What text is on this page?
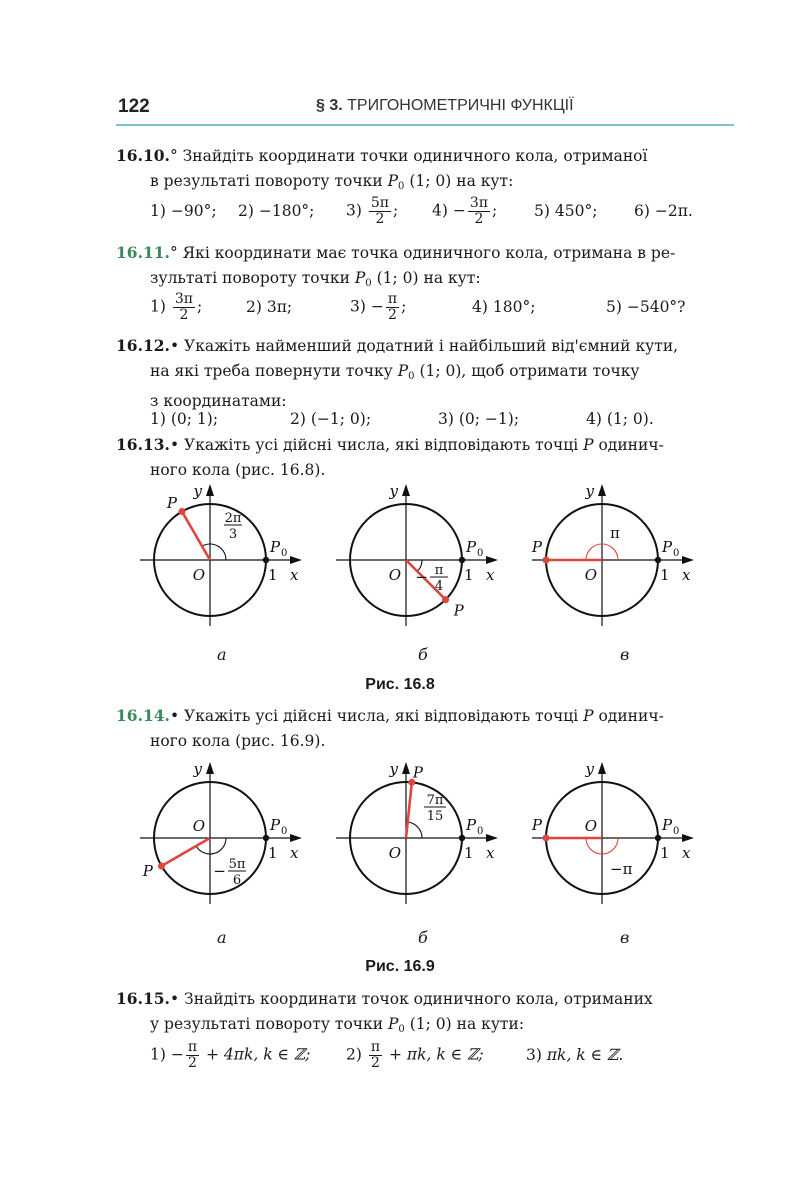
122	§ 3. ТРИГОНОМЕТРИЧНІ ФУНКЦІЇ
16.10.° Знайдіть координати точки одиничного кола, отриманої
в результаті повороту точки $P_0$ (1; 0) на кут:
1) −90°; 2) −180°; $3) \frac{5\pi}{2}$ ; $4) - \frac{3\pi}{2}$ ; 5) 450°; 6) −2π.
16.11.° Які координати має точка одиничного кола, отримана в ре-
зультаті повороту точки $P_0$ (1; 0) на кут:
$1) \frac{3\pi}{2}$ ;	2) 3π;	$3) - \frac{\pi}{2}$ ;	4) 180°;	5) −540°?
16.12.• Укажіть найменший додатний і найбільший від'ємний кути,
на які треба повернути точку $P_0$ (1; 0), щоб отримати точку
з координатами:
1) (0; 1);	2) (−1; 0);	3) (0; −1);	4) (1; 0).
16.13.• Укажіть усі дійсні числа, які відповідають точці P одинич-
ного кола (рис. 16.8).
y
x
1
P 0
P
O
2π
3
y
x
1
P 0
P
O − π
4
y
x
1
P 0
P
O
π
а	б	в
Рис. 16.8
16.14.• Укажіть усі дійсні числа, які відповідають точці P одинич-
ного кола (рис. 16.9).
y
x
1
P 0
P
O
− 5π
6
y
x
1
P 0
P
O
7π
15
y
x
1
P 0
P	O
−π
а	б	в
Рис. 16.9
16.15.• Знайдіть координати точок одиничного кола, отриманих
у результаті повороту точки $P_0$ (1; 0) на кути:
$1) - \frac{\pi}{2} + 4\pi k$, k ∈ ℤ; $2) \frac{\pi}{2} + \pi k$, k ∈ ℤ;	3) πk, k ∈ ℤ.
